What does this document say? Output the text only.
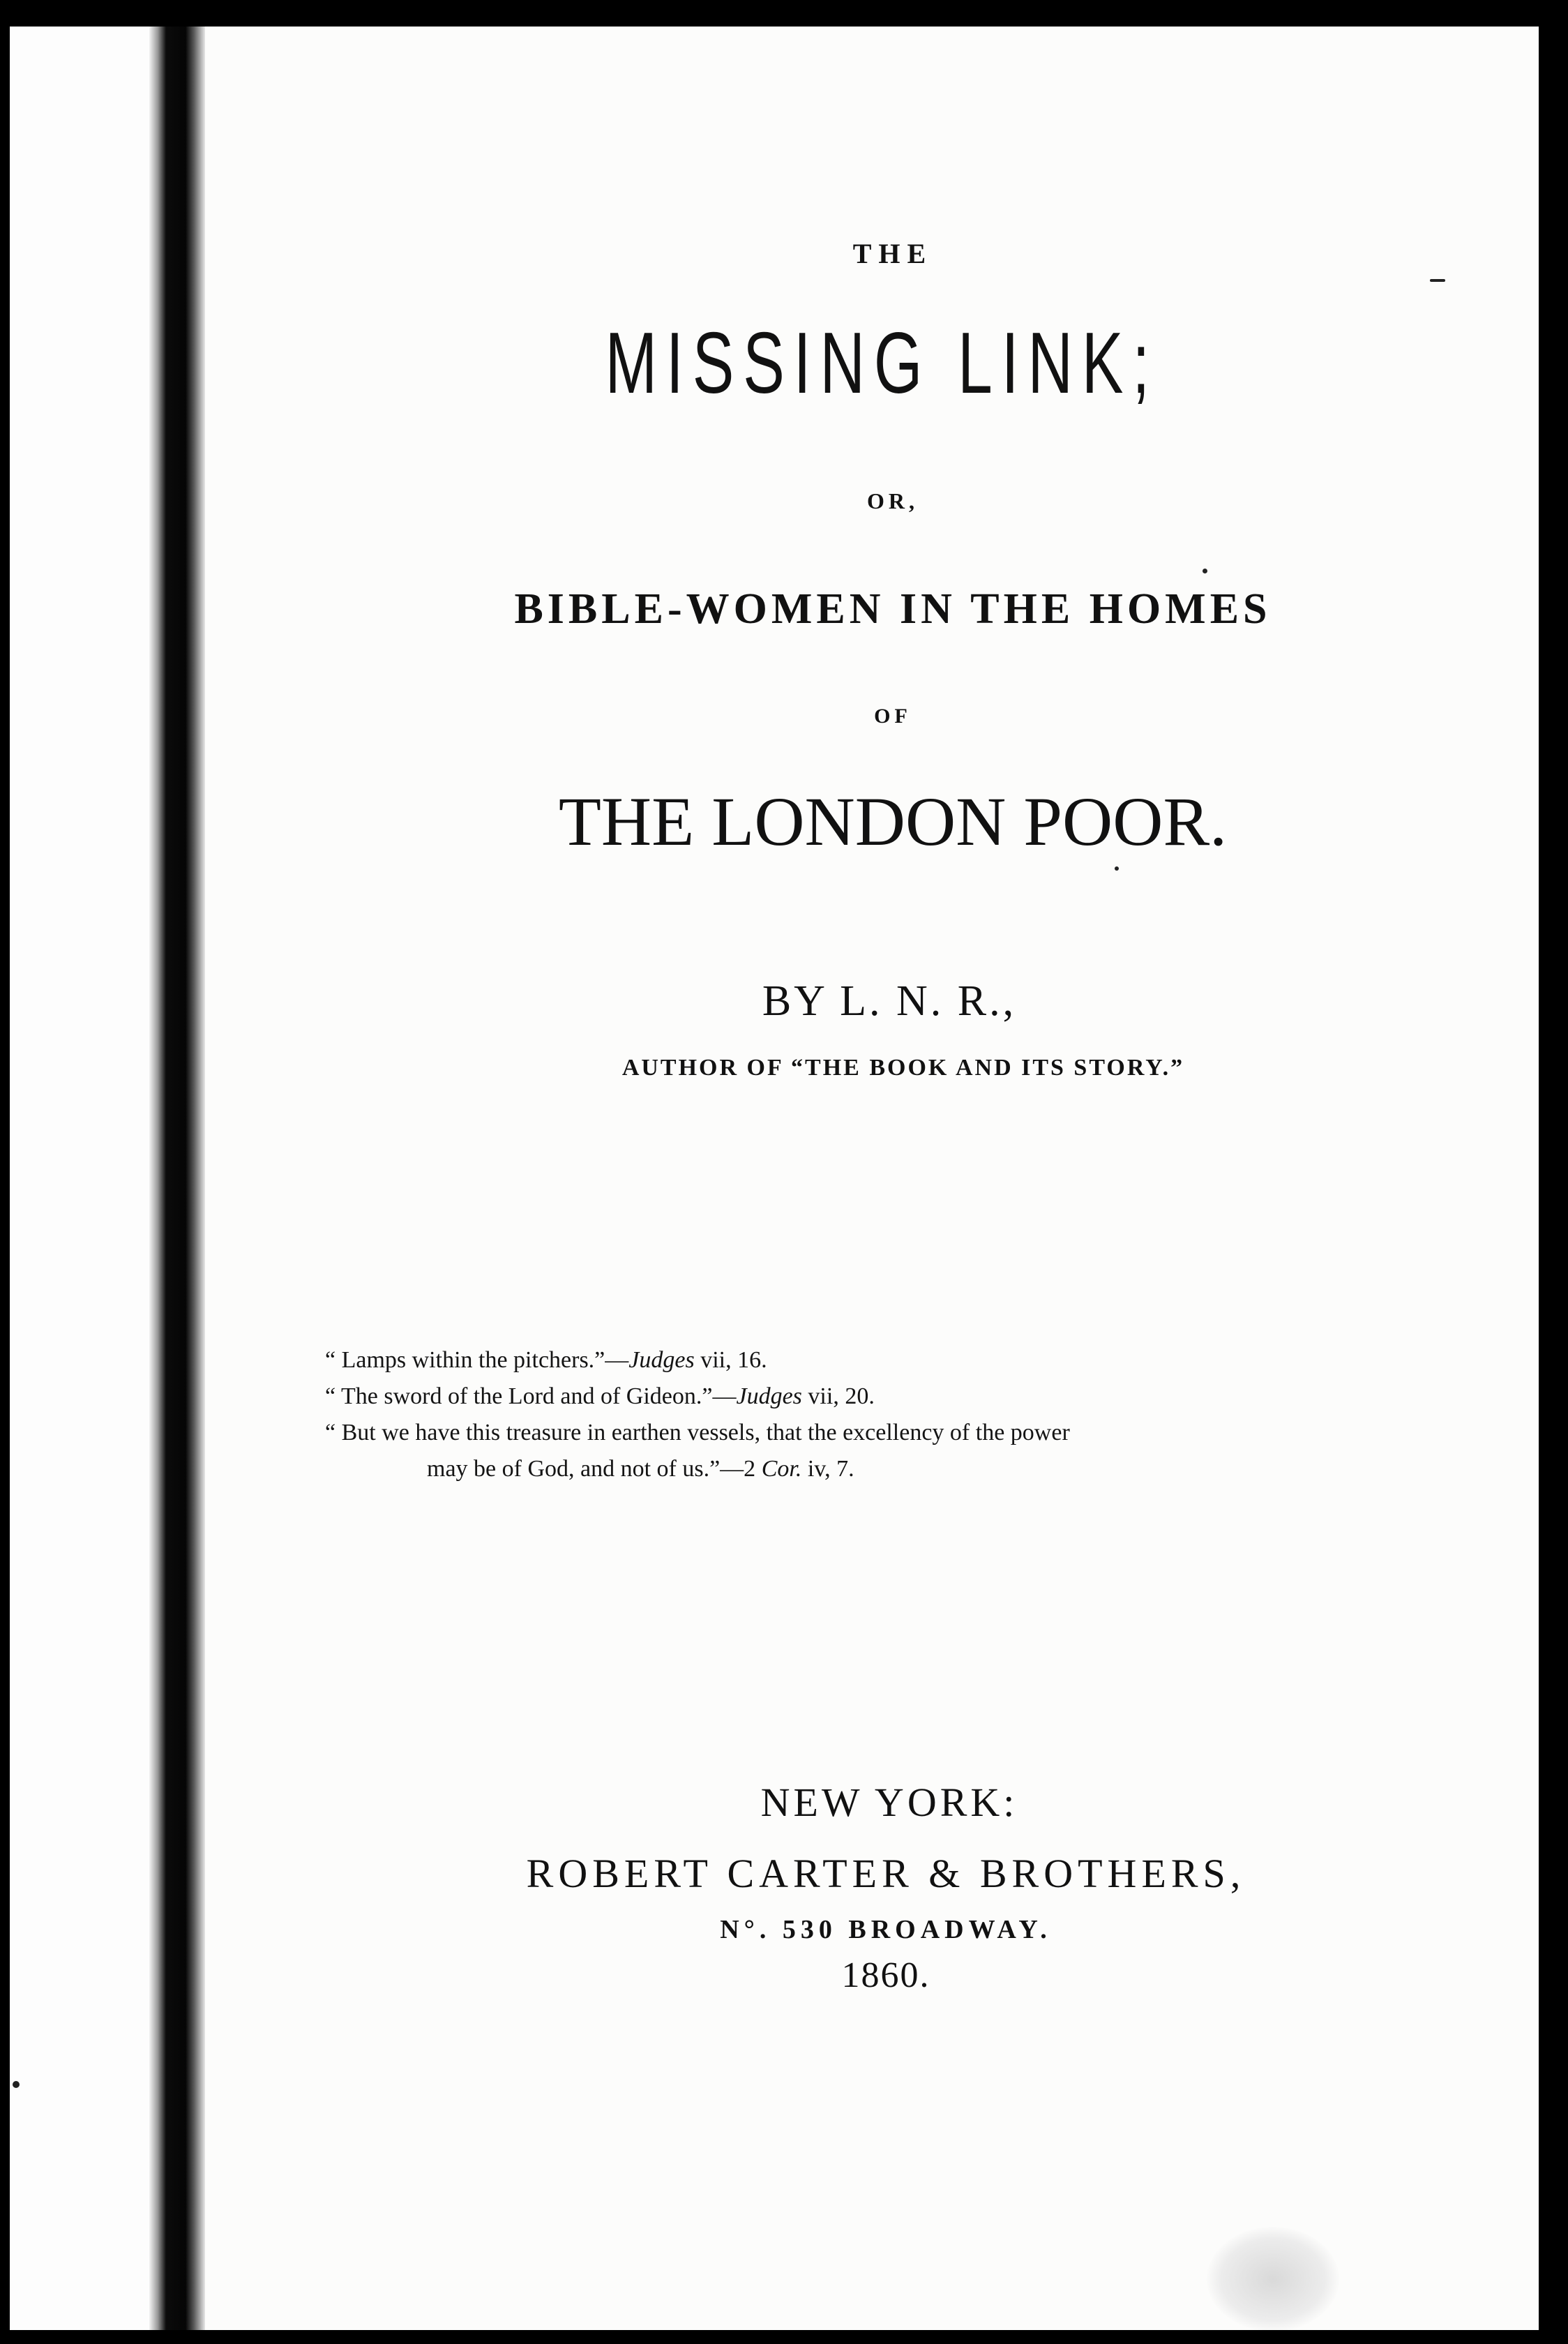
THE

MISSING LINK;

OR,

BIBLE-WOMEN IN THE HOMES

OF

THE LONDON POOR.

BY L. N. R.,

AUTHOR OF “THE BOOK AND ITS STORY.”

“ Lamps within the pitchers.”—Judges vii, 16.

“ The sword of the Lord and of Gideon.”—Judges vii, 20.

“ But we have this treasure in earthen vessels, that the excellency of the power

may be of God, and not of us.”—2 Cor. iv, 7.

NEW YORK:

ROBERT CARTER & BROTHERS,

N°. 530 BROADWAY.

1860.
